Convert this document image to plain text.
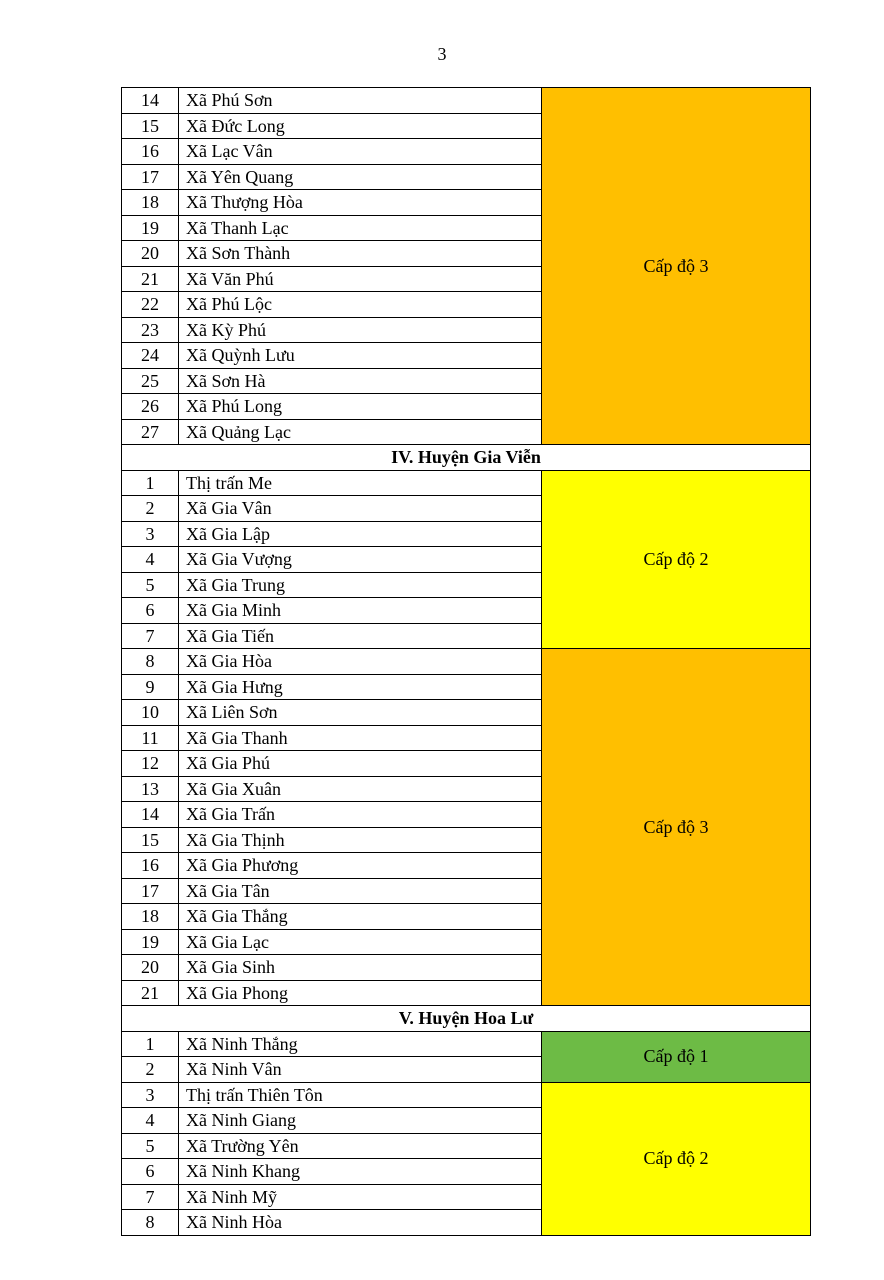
3
14	Xã Phú Sơn	Cấp độ 3
15	Xã Đức Long	
16	Xã Lạc Vân	
17	Xã Yên Quang	
18	Xã Thượng Hòa	
19	Xã Thanh Lạc	
20	Xã Sơn Thành	
21	Xã Văn Phú	
22	Xã Phú Lộc	
23	Xã Kỳ Phú	
24	Xã Quỳnh Lưu	
25	Xã Sơn Hà	
26	Xã Phú Long	
27	Xã Quảng Lạc	
IV. Huyện Gia Viễn		
1	Thị trấn Me	Cấp độ 2
2	Xã Gia Vân	
3	Xã Gia Lập	
4	Xã Gia Vượng	
5	Xã Gia Trung	
6	Xã Gia Minh	
7	Xã Gia Tiến	
8	Xã Gia Hòa	Cấp độ 3
9	Xã Gia Hưng	
10	Xã Liên Sơn	
11	Xã Gia Thanh	
12	Xã Gia Phú	
13	Xã Gia Xuân	
14	Xã Gia Trấn	
15	Xã Gia Thịnh	
16	Xã Gia Phương	
17	Xã Gia Tân	
18	Xã Gia Thắng	
19	Xã Gia Lạc	
20	Xã Gia Sinh	
21	Xã Gia Phong	
V. Huyện Hoa Lư		
1	Xã Ninh Thắng	Cấp độ 1
2	Xã Ninh Vân	
3	Thị trấn Thiên Tôn	Cấp độ 2
4	Xã Ninh Giang	
5	Xã Trường Yên	
6	Xã Ninh Khang	
7	Xã Ninh Mỹ	
8	Xã Ninh Hòa	
